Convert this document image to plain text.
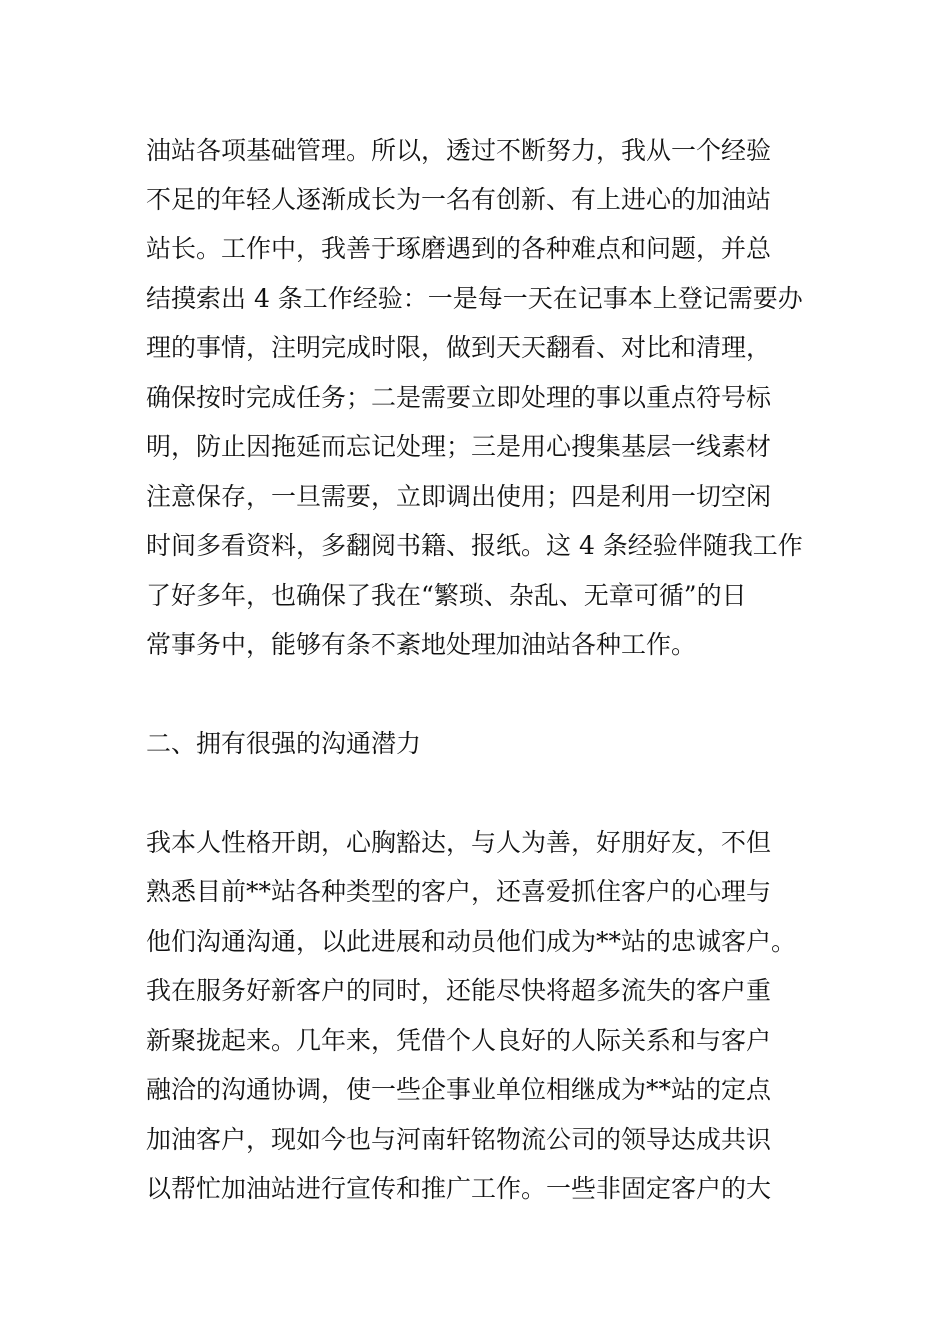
油站各项基础管理。所以，透过不断努力，我从一个经验

不足的年轻人逐渐成长为一名有创新、有上进心的加油站

站长。工作中，我善于琢磨遇到的各种难点和问题，并总

结摸索出 4 条工作经验：一是每一天在记事本上登记需要办

理的事情，注明完成时限，做到天天翻看、对比和清理，

确保按时完成任务；二是需要立即处理的事以重点符号标

明，防止因拖延而忘记处理；三是用心搜集基层一线素材

注意保存，一旦需要，立即调出使用；四是利用一切空闲

时间多看资料，多翻阅书籍、报纸。这 4 条经验伴随我工作

了好多年，也确保了我在“繁琐、杂乱、无章可循”的日

常事务中，能够有条不紊地处理加油站各种工作。

二、拥有很强的沟通潜力

我本人性格开朗，心胸豁达，与人为善，好朋好友，不但

熟悉目前**站各种类型的客户，还喜爱抓住客户的心理与

他们沟通沟通，以此进展和动员他们成为**站的忠诚客户。

我在服务好新客户的同时，还能尽快将超多流失的客户重

新聚拢起来。几年来，凭借个人良好的人际关系和与客户

融洽的沟通协调，使一些企事业单位相继成为**站的定点

加油客户，现如今也与河南轩铭物流公司的领导达成共识

以帮忙加油站进行宣传和推广工作。一些非固定客户的大
